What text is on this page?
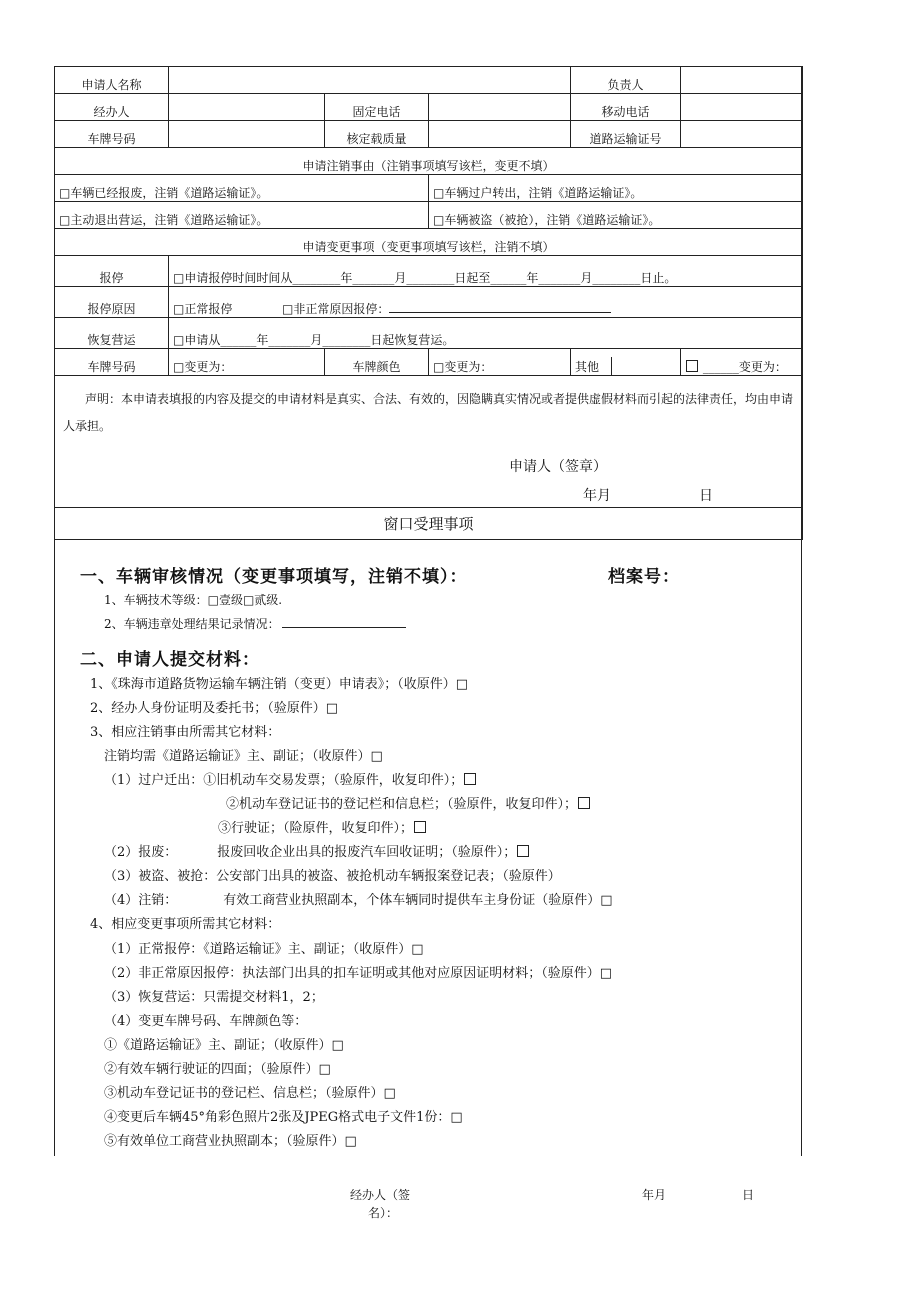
申请人名称				负责人	
经办人		固定电话		移动电话	
车牌号码		核定载质量		道路运输证号	
申请注销事由（注销事项填写该栏，变更不填）					
□车辆已经报废，注销《道路运输证》。			□车辆过户转出，注销《道路运输证》。		
□主动退出营运，注销《道路运输证》。			□车辆被盗（被抢），注销《道路运输证》。		
申请变更事项（变更事项填写该栏，注销不填）					
报停	□申请报停时间时间从________年_______月________日起至______年_______月________日止。				
报停原因	□正常报停 □非正常原因报停：				
恢复营运	□申请从______年_______月________日起恢复营运。				
车牌号码	□变更为：	车牌颜色	□变更为：	其他	______变更为：

声明：本申请表填报的内容及提交的申请材料是真实、合法、有效的，因隐瞒真实情况或者提供虚假材料而引起的法律责任，均由申请人承担。
申请人（签章）
年月 日					

窗口受理事项					
一、车辆审核情况（变更事项填写，注销不填）：	档案号：
1、车辆技术等级：□壹级□贰级.
2、车辆违章处理结果记录情况：
二、申请人提交材料：
1、《珠海市道路货物运输车辆注销（变更）申请表》；（收原件）□
2、经办人身份证明及委托书；（验原件）□
3、相应注销事由所需其它材料：
注销均需《道路运输证》主、副证；（收原件）□
（1）过户迁出：①旧机动车交易发票；（验原件，收复印件）；
②机动车登记证书的登记栏和信息栏；（验原件，收复印件）；
③行驶证；（险原件，收复印件）；
（2）报废：	报废回收企业出具的报废汽车回收证明；（验原件）；
（3）被盗、被抢：公安部门出具的被盗、被抢机动车辆报案登记表；（验原件）
（4）注销：	有效工商营业执照副本，个体车辆同时提供车主身份证（验原件）□
4、相应变更事项所需其它材料：
（1）正常报停：《道路运输证》主、副证；（收原件）□
（2）非正常原因报停：执法部门出具的扣车证明或其他对应原因证明材料；（验原件）□
（3）恢复营运：只需提交材料1，2；
（4）变更车牌号码、车牌颜色等：
①《道路运输证》主、副证；（收原件）□
②有效车辆行驶证的四面；（验原件）□
③机动车登记证书的登记栏、信息栏；（验原件）□
④变更后车辆45°角彩色照片2张及JPEG格式电子文件1份：□
⑤有效单位工商营业执照副本；（验原件）□
经办人（签
名）：
年月	日
